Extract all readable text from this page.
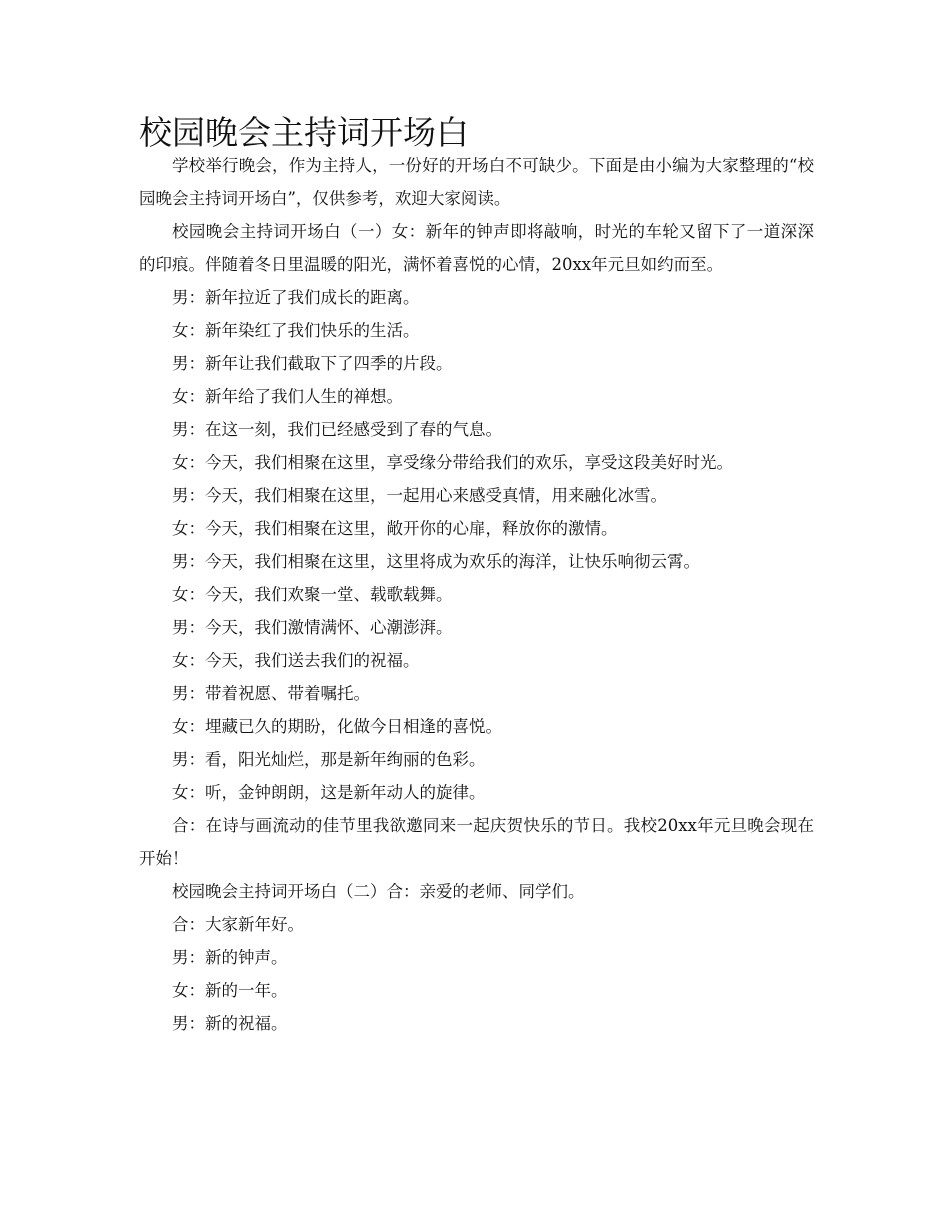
校园晚会主持词开场白

学校举行晚会，作为主持人，一份好的开场白不可缺少。下面是由小编为大家整理的“校园晚会主持词开场白”，仅供参考，欢迎大家阅读。

校园晚会主持词开场白（一）女：新年的钟声即将敲响，时光的车轮又留下了一道深深的印痕。伴随着冬日里温暖的阳光，满怀着喜悦的心情，20xx年元旦如约而至。

男：新年拉近了我们成长的距离。

女：新年染红了我们快乐的生活。

男：新年让我们截取下了四季的片段。

女：新年给了我们人生的禅想。

男：在这一刻，我们已经感受到了春的气息。

女：今天，我们相聚在这里，享受缘分带给我们的欢乐，享受这段美好时光。

男：今天，我们相聚在这里，一起用心来感受真情，用来融化冰雪。

女：今天，我们相聚在这里，敞开你的心扉，释放你的激情。

男：今天，我们相聚在这里，这里将成为欢乐的海洋，让快乐响彻云霄。

女：今天，我们欢聚一堂、载歌载舞。

男：今天，我们激情满怀、心潮澎湃。

女：今天，我们送去我们的祝福。

男：带着祝愿、带着嘱托。

女：埋藏已久的期盼，化做今日相逢的喜悦。

男：看，阳光灿烂，那是新年绚丽的色彩。

女：听，金钟朗朗，这是新年动人的旋律。

合：在诗与画流动的佳节里我欲邀同来一起庆贺快乐的节日。我校20xx年元旦晚会现在开始！

校园晚会主持词开场白（二）合：亲爱的老师、同学们。

合：大家新年好。

男：新的钟声。

女：新的一年。

男：新的祝福。
